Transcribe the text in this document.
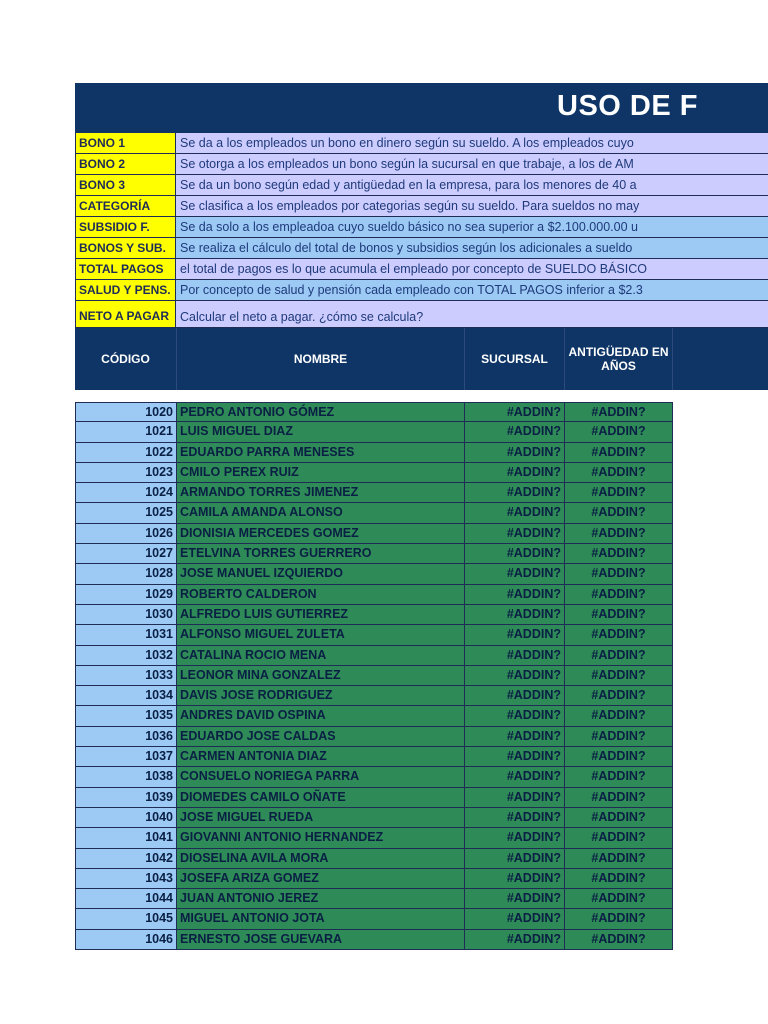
USO DE F
BONO 1	Se da a los empleados un bono en dinero según su sueldo. A los empleados cuyo
BONO 2	Se otorga a los empleados un bono según la sucursal en que trabaje, a los de AM
BONO 3	Se da un bono según edad y antigüedad en la empresa, para los menores de 40 a
CATEGORÍA	Se clasifica a los empleados por categorias según su sueldo. Para sueldos no may
SUBSIDIO F.	Se da solo a los empleadoa cuyo sueldo básico no sea superior a $2.100.000.00 u
BONOS Y SUB.	Se realiza el cálculo del total de bonos y subsidios según los adicionales a sueldo
TOTAL PAGOS	el total de pagos es lo que acumula el empleado por concepto de SUELDO BÁSICO
SALUD Y PENS. Por concepto de salud y pensión cada empleado con TOTAL PAGOS inferior a $2.3
NETO A PAGAR Calcular el neto a pagar. ¿cómo se calcula?
CÓDIGO	NOMBRE	SUCURSAL	ANTIGÜEDAD EN AÑOS
1020 PEDRO ANTONIO GÓMEZ	#ADDIN?	#ADDIN?
1021 LUIS MIGUEL DIAZ	#ADDIN?	#ADDIN?
1022 EDUARDO PARRA MENESES	#ADDIN?	#ADDIN?
1023 CMILO PEREX RUIZ	#ADDIN?	#ADDIN?
1024 ARMANDO TORRES JIMENEZ	#ADDIN?	#ADDIN?
1025 CAMILA AMANDA ALONSO	#ADDIN?	#ADDIN?
1026 DIONISIA MERCEDES GOMEZ	#ADDIN?	#ADDIN?
1027 ETELVINA TORRES GUERRERO	#ADDIN?	#ADDIN?
1028 JOSE MANUEL IZQUIERDO	#ADDIN?	#ADDIN?
1029 ROBERTO CALDERON	#ADDIN?	#ADDIN?
1030 ALFREDO LUIS GUTIERREZ	#ADDIN?	#ADDIN?
1031 ALFONSO MIGUEL ZULETA	#ADDIN?	#ADDIN?
1032 CATALINA ROCIO MENA	#ADDIN?	#ADDIN?
1033 LEONOR MINA GONZALEZ	#ADDIN?	#ADDIN?
1034 DAVIS JOSE RODRIGUEZ	#ADDIN?	#ADDIN?
1035 ANDRES DAVID OSPINA	#ADDIN?	#ADDIN?
1036 EDUARDO JOSE CALDAS	#ADDIN?	#ADDIN?
1037 CARMEN ANTONIA DIAZ	#ADDIN?	#ADDIN?
1038 CONSUELO NORIEGA PARRA	#ADDIN?	#ADDIN?
1039 DIOMEDES CAMILO OÑATE	#ADDIN?	#ADDIN?
1040 JOSE MIGUEL RUEDA	#ADDIN?	#ADDIN?
1041 GIOVANNI ANTONIO HERNANDEZ	#ADDIN?	#ADDIN?
1042 DIOSELINA AVILA MORA	#ADDIN?	#ADDIN?
1043 JOSEFA ARIZA GOMEZ	#ADDIN?	#ADDIN?
1044 JUAN ANTONIO JEREZ	#ADDIN?	#ADDIN?
1045 MIGUEL ANTONIO JOTA	#ADDIN?	#ADDIN?
1046 ERNESTO JOSE GUEVARA	#ADDIN?	#ADDIN?
